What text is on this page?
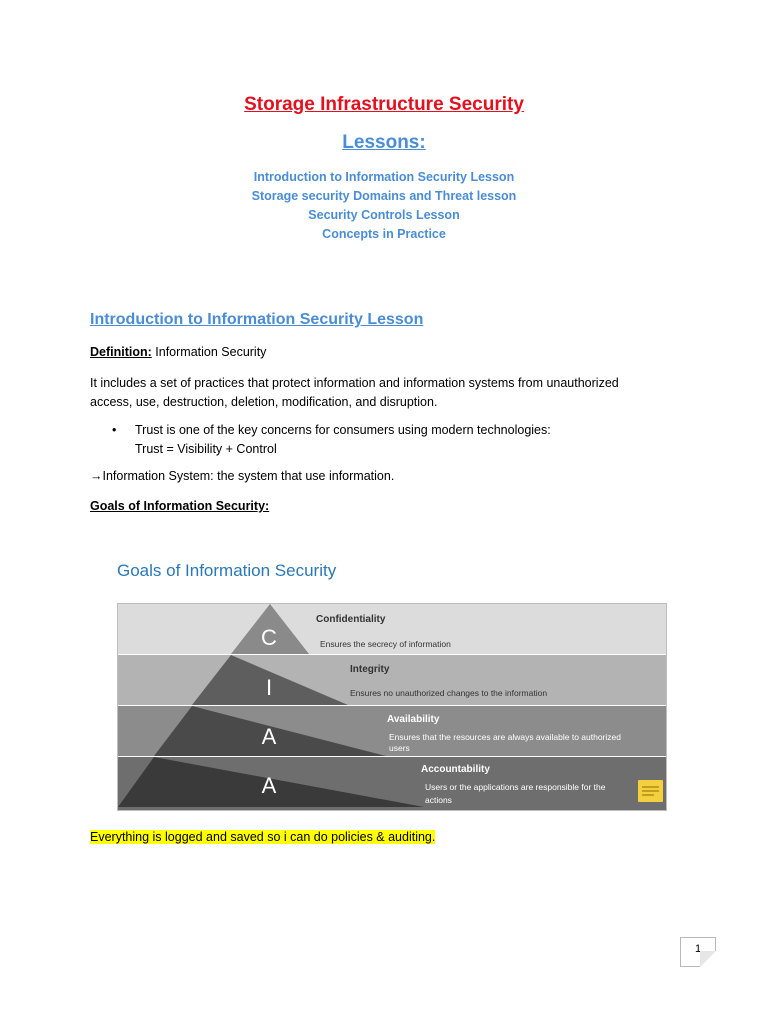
Storage Infrastructure Security
Lessons:
Introduction to Information Security Lesson
Storage security Domains and Threat lesson
Security Controls Lesson
Concepts in Practice
Introduction to Information Security Lesson
Definition: Information Security
It includes a set of practices that protect information and information systems from unauthorized
access, use, destruction, deletion, modification, and disruption.
• Trust is one of the key concerns for consumers using modern technologies:
Trust = Visibility + Control
→Information System: the system that use information.
Goals of Information Security:
Goals of Information Security
C
I
A
A
Confidentiality
Ensures the secrecy of information
Integrity
Ensures no unauthorized changes to the information
Availability
Ensures that the resources are always available to authorized
users
Accountability
Users or the applications are responsible for the
actions
Everything is logged and saved so i can do policies & auditing.
1
